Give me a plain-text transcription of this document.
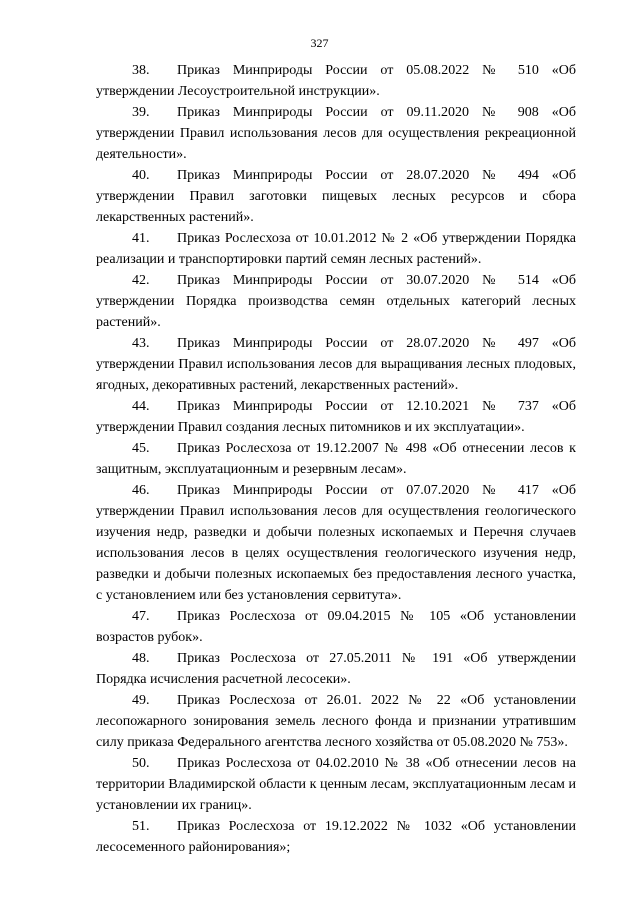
327

38. Приказ Минприроды России от 05.08.2022 № 510 «Об утверждении Лесоустроительной инструкции».

39. Приказ Минприроды России от 09.11.2020 № 908 «Об утверждении Правил использования лесов для осуществления рекреационной деятельности».

40. Приказ Минприроды России от 28.07.2020 № 494 «Об утверждении Правил заготовки пищевых лесных ресурсов и сбора лекарственных растений».

41. Приказ Рослесхоза от 10.01.2012 № 2 «Об утверждении Порядка реализации и транспортировки партий семян лесных растений».

42. Приказ Минприроды России от 30.07.2020 № 514 «Об утверждении Порядка производства семян отдельных категорий лесных растений».

43. Приказ Минприроды России от 28.07.2020 № 497 «Об утверждении Правил использования лесов для выращивания лесных плодовых, ягодных, декоративных растений, лекарственных растений».

44. Приказ Минприроды России от 12.10.2021 № 737 «Об утверждении Правил создания лесных питомников и их эксплуатации».

45. Приказ Рослесхоза от 19.12.2007 № 498 «Об отнесении лесов к защитным, эксплуатационным и резервным лесам».

46. Приказ Минприроды России от 07.07.2020 № 417 «Об утверждении Правил использования лесов для осуществления геологического изучения недр, разведки и добычи полезных ископаемых и Перечня случаев использования лесов в целях осуществления геологического изучения недр, разведки и добычи полезных ископаемых без предоставления лесного участка, с установлением или без установления сервитута».

47. Приказ Рослесхоза от 09.04.2015 № 105 «Об установлении возрастов рубок».

48. Приказ Рослесхоза от 27.05.2011 № 191 «Об утверждении Порядка исчисления расчетной лесосеки».

49. Приказ Рослесхоза от 26.01. 2022 № 22 «Об установлении лесопожарного зонирования земель лесного фонда и признании утратившим силу приказа Федерального агентства лесного хозяйства от 05.08.2020 № 753».

50. Приказ Рослесхоза от 04.02.2010 № 38 «Об отнесении лесов на территории Владимирской области к ценным лесам, эксплуатационным лесам и установлении их границ».

51. Приказ Рослесхоза от 19.12.2022 № 1032 «Об установлении лесосеменного районирования»;
